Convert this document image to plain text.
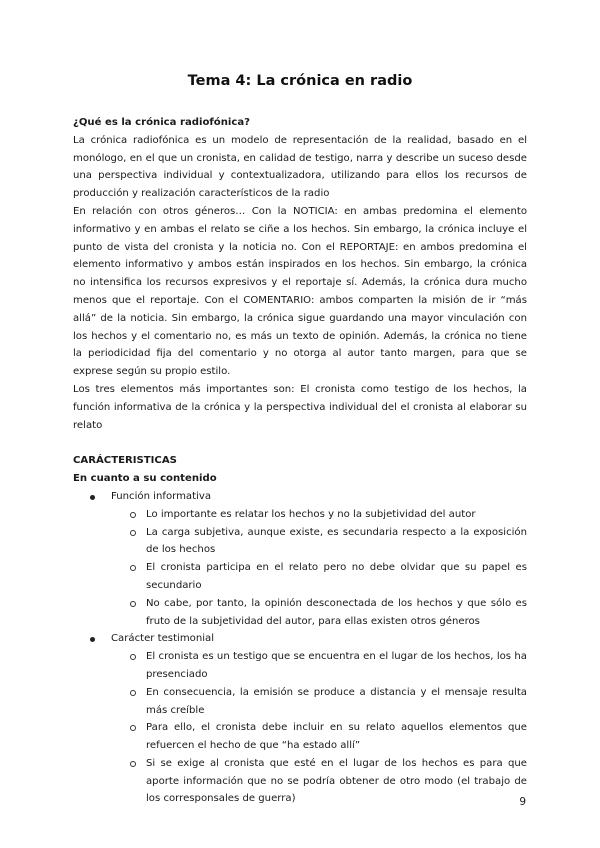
Tema 4: La crónica en radio

¿Qué es la crónica radiofónica?

La crónica radiofónica es un modelo de representación de la realidad, basado en el monólogo, en el que un cronista, en calidad de testigo, narra y describe un suceso desde una perspectiva individual y contextualizadora, utilizando para ellos los recursos de producción y realización característicos de la radio

En relación con otros géneros… Con la NOTICIA: en ambas predomina el elemento informativo y en ambas el relato se ciñe a los hechos. Sin embargo, la crónica incluye el punto de vista del cronista y la noticia no. Con el REPORTAJE: en ambos predomina el elemento informativo y ambos están inspirados en los hechos. Sin embargo, la crónica no intensifica los recursos expresivos y el reportaje sí. Además, la crónica dura mucho menos que el reportaje. Con el COMENTARIO: ambos comparten la misión de ir “más allá” de la noticia. Sin embargo, la crónica sigue guardando una mayor vinculación con los hechos y el comentario no, es más un texto de opinión. Además, la crónica no tiene la periodicidad fija del comentario y no otorga al autor tanto margen, para que se exprese según su propio estilo.

Los tres elementos más importantes son: El cronista como testigo de los hechos, la función informativa de la crónica y la perspectiva individual del el cronista al elaborar su relato

CARÁCTERISTICAS

En cuanto a su contenido

Función informativa
Lo importante es relatar los hechos y no la subjetividad del autor
La carga subjetiva, aunque existe, es secundaria respecto a la exposición de los hechos
El cronista participa en el relato pero no debe olvidar que su papel es secundario
No cabe, por tanto, la opinión desconectada de los hechos y que sólo es fruto de la subjetividad del autor, para ellas existen otros géneros
Carácter testimonial
El cronista es un testigo que se encuentra en el lugar de los hechos, los ha presenciado
En consecuencia, la emisión se produce a distancia y el mensaje resulta más creíble
Para ello, el cronista debe incluir en su relato aquellos elementos que refuercen el hecho de que “ha estado allí”
Si se exige al cronista que esté en el lugar de los hechos es para que aporte información que no se podría obtener de otro modo (el trabajo de los corresponsales de guerra)	9
